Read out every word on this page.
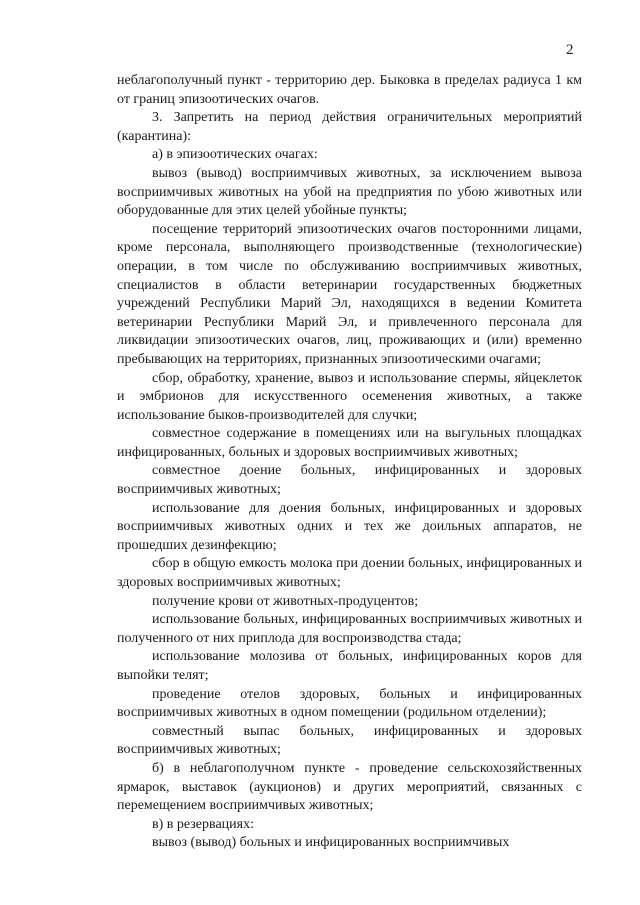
2

неблагополучный пункт - территорию дер. Быковка в пределах радиуса 1 км от границ эпизоотических очагов.

3. Запретить на период действия ограничительных мероприятий (карантина):

а) в эпизоотических очагах:

вывоз (вывод) восприимчивых животных, за исключением вывоза восприимчивых животных на убой на предприятия по убою животных или оборудованные для этих целей убойные пункты;

посещение территорий эпизоотических очагов посторонними лицами, кроме персонала, выполняющего производственные (технологические) операции, в том числе по обслуживанию восприимчивых животных, специалистов в области ветеринарии государственных бюджетных учреждений Республики Марий Эл, находящихся в ведении Комитета ветеринарии Республики Марий Эл, и привлеченного персонала для ликвидации эпизоотических очагов, лиц, проживающих и (или) временно пребывающих на территориях, признанных эпизоотическими очагами;

сбор, обработку, хранение, вывоз и использование спермы, яйцеклеток и эмбрионов для искусственного осеменения животных, а также использование быков-производителей для случки;

совместное содержание в помещениях или на выгульных площадках инфицированных, больных и здоровых восприимчивых животных;

совместное доение больных, инфицированных и здоровых восприимчивых животных;

использование для доения больных, инфицированных и здоровых восприимчивых животных одних и тех же доильных аппаратов, не прошедших дезинфекцию;

сбор в общую емкость молока при доении больных, инфицированных и здоровых восприимчивых животных;

получение крови от животных-продуцентов;

использование больных, инфицированных восприимчивых животных и полученного от них приплода для воспроизводства стада;

использование молозива от больных, инфицированных коров для выпойки телят;

проведение отелов здоровых, больных и инфицированных восприимчивых животных в одном помещении (родильном отделении);

совместный выпас больных, инфицированных и здоровых восприимчивых животных;

б) в неблагополучном пункте - проведение сельскохозяйственных ярмарок, выставок (аукционов) и других мероприятий, связанных с перемещением восприимчивых животных;

в) в резервациях:

вывоз (вывод) больных и инфицированных восприимчивых
